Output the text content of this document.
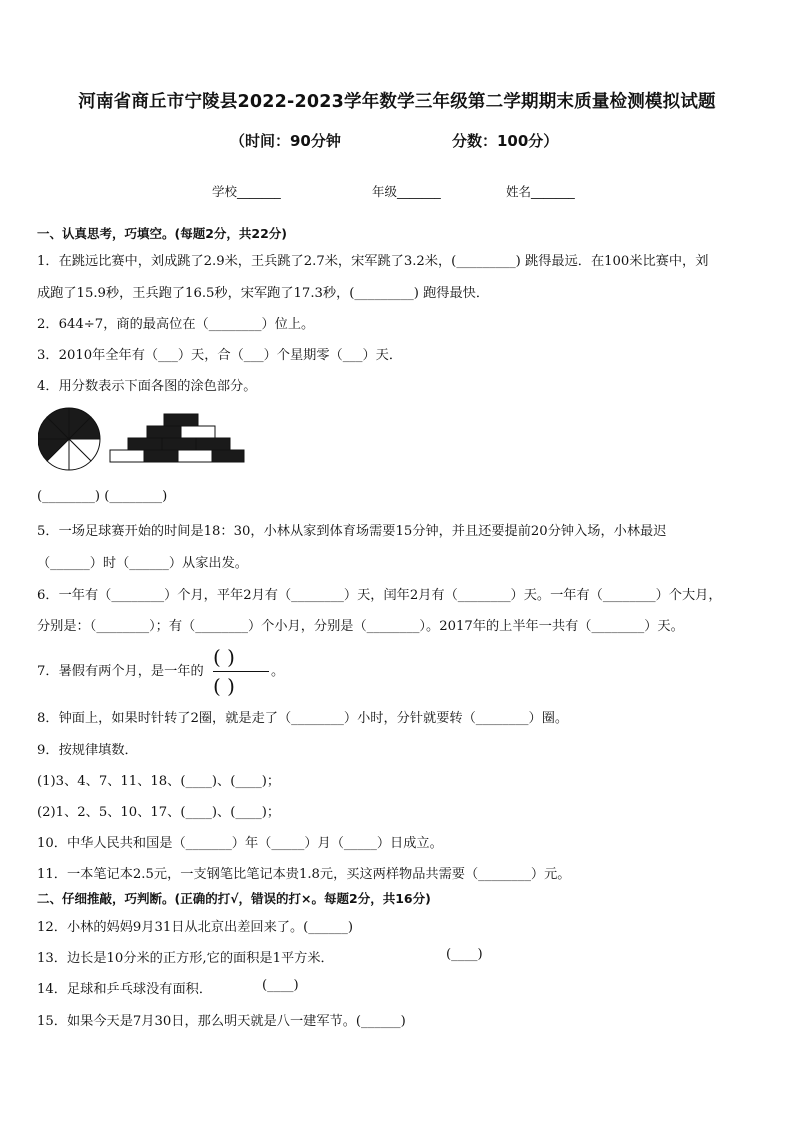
河南省商丘市宁陵县2022-2023学年数学三年级第二学期期末质量检测模拟试题
（时间：90分钟	分数：100分）
学校_______	年级_______	姓名_______
一、认真思考，巧填空。(每题2分，共22分)
1．在跳远比赛中，刘成跳了2.9米，王兵跳了2.7米，宋军跳了3.2米，(_________) 跳得最远．在100米比赛中，刘
成跑了15.9秒，王兵跑了16.5秒，宋军跑了17.3秒，(_________) 跑得最快．
2．644÷7，商的最高位在（________）位上。
3．2010年全年有（___）天，合（___）个星期零（___）天．
4．用分数表示下面各图的涂色部分。
(________) (________)
5．一场足球赛开始的时间是18：30，小林从家到体育场需要15分钟，并且还要提前20分钟入场，小林最迟
（______）时（______）从家出发。
6．一年有（________）个月，平年2月有（________）天，闰年2月有（________）天。一年有（________）个大月，
分别是：（________）；有（________）个小月，分别是（________）。2017年的上半年一共有（________）天。
7．暑假有两个月，是一年的
( )
( )
。
8．钟面上，如果时针转了2圈，就是走了（________）小时，分针就要转（________）圈。
9．按规律填数．
(1)3、4、7、11、18、(____)、(____)；
(2)1、2、5、10、17、(____)、(____)；
10．中华人民共和国是（_______）年（_____）月（_____）日成立。
11．一本笔记本2.5元，一支钢笔比笔记本贵1.8元，买这两样物品共需要（________）元。
二、仔细推敲，巧判断。(正确的打√，错误的打×。每题2分，共16分)
12．小林的妈妈9月31日从北京出差回来了。(______)
13．边长是10分米的正方形,它的面积是1平方米．	(____)
14．足球和乒乓球没有面积．	(____)
15．如果今天是7月30日，那么明天就是八一建军节。(______)
